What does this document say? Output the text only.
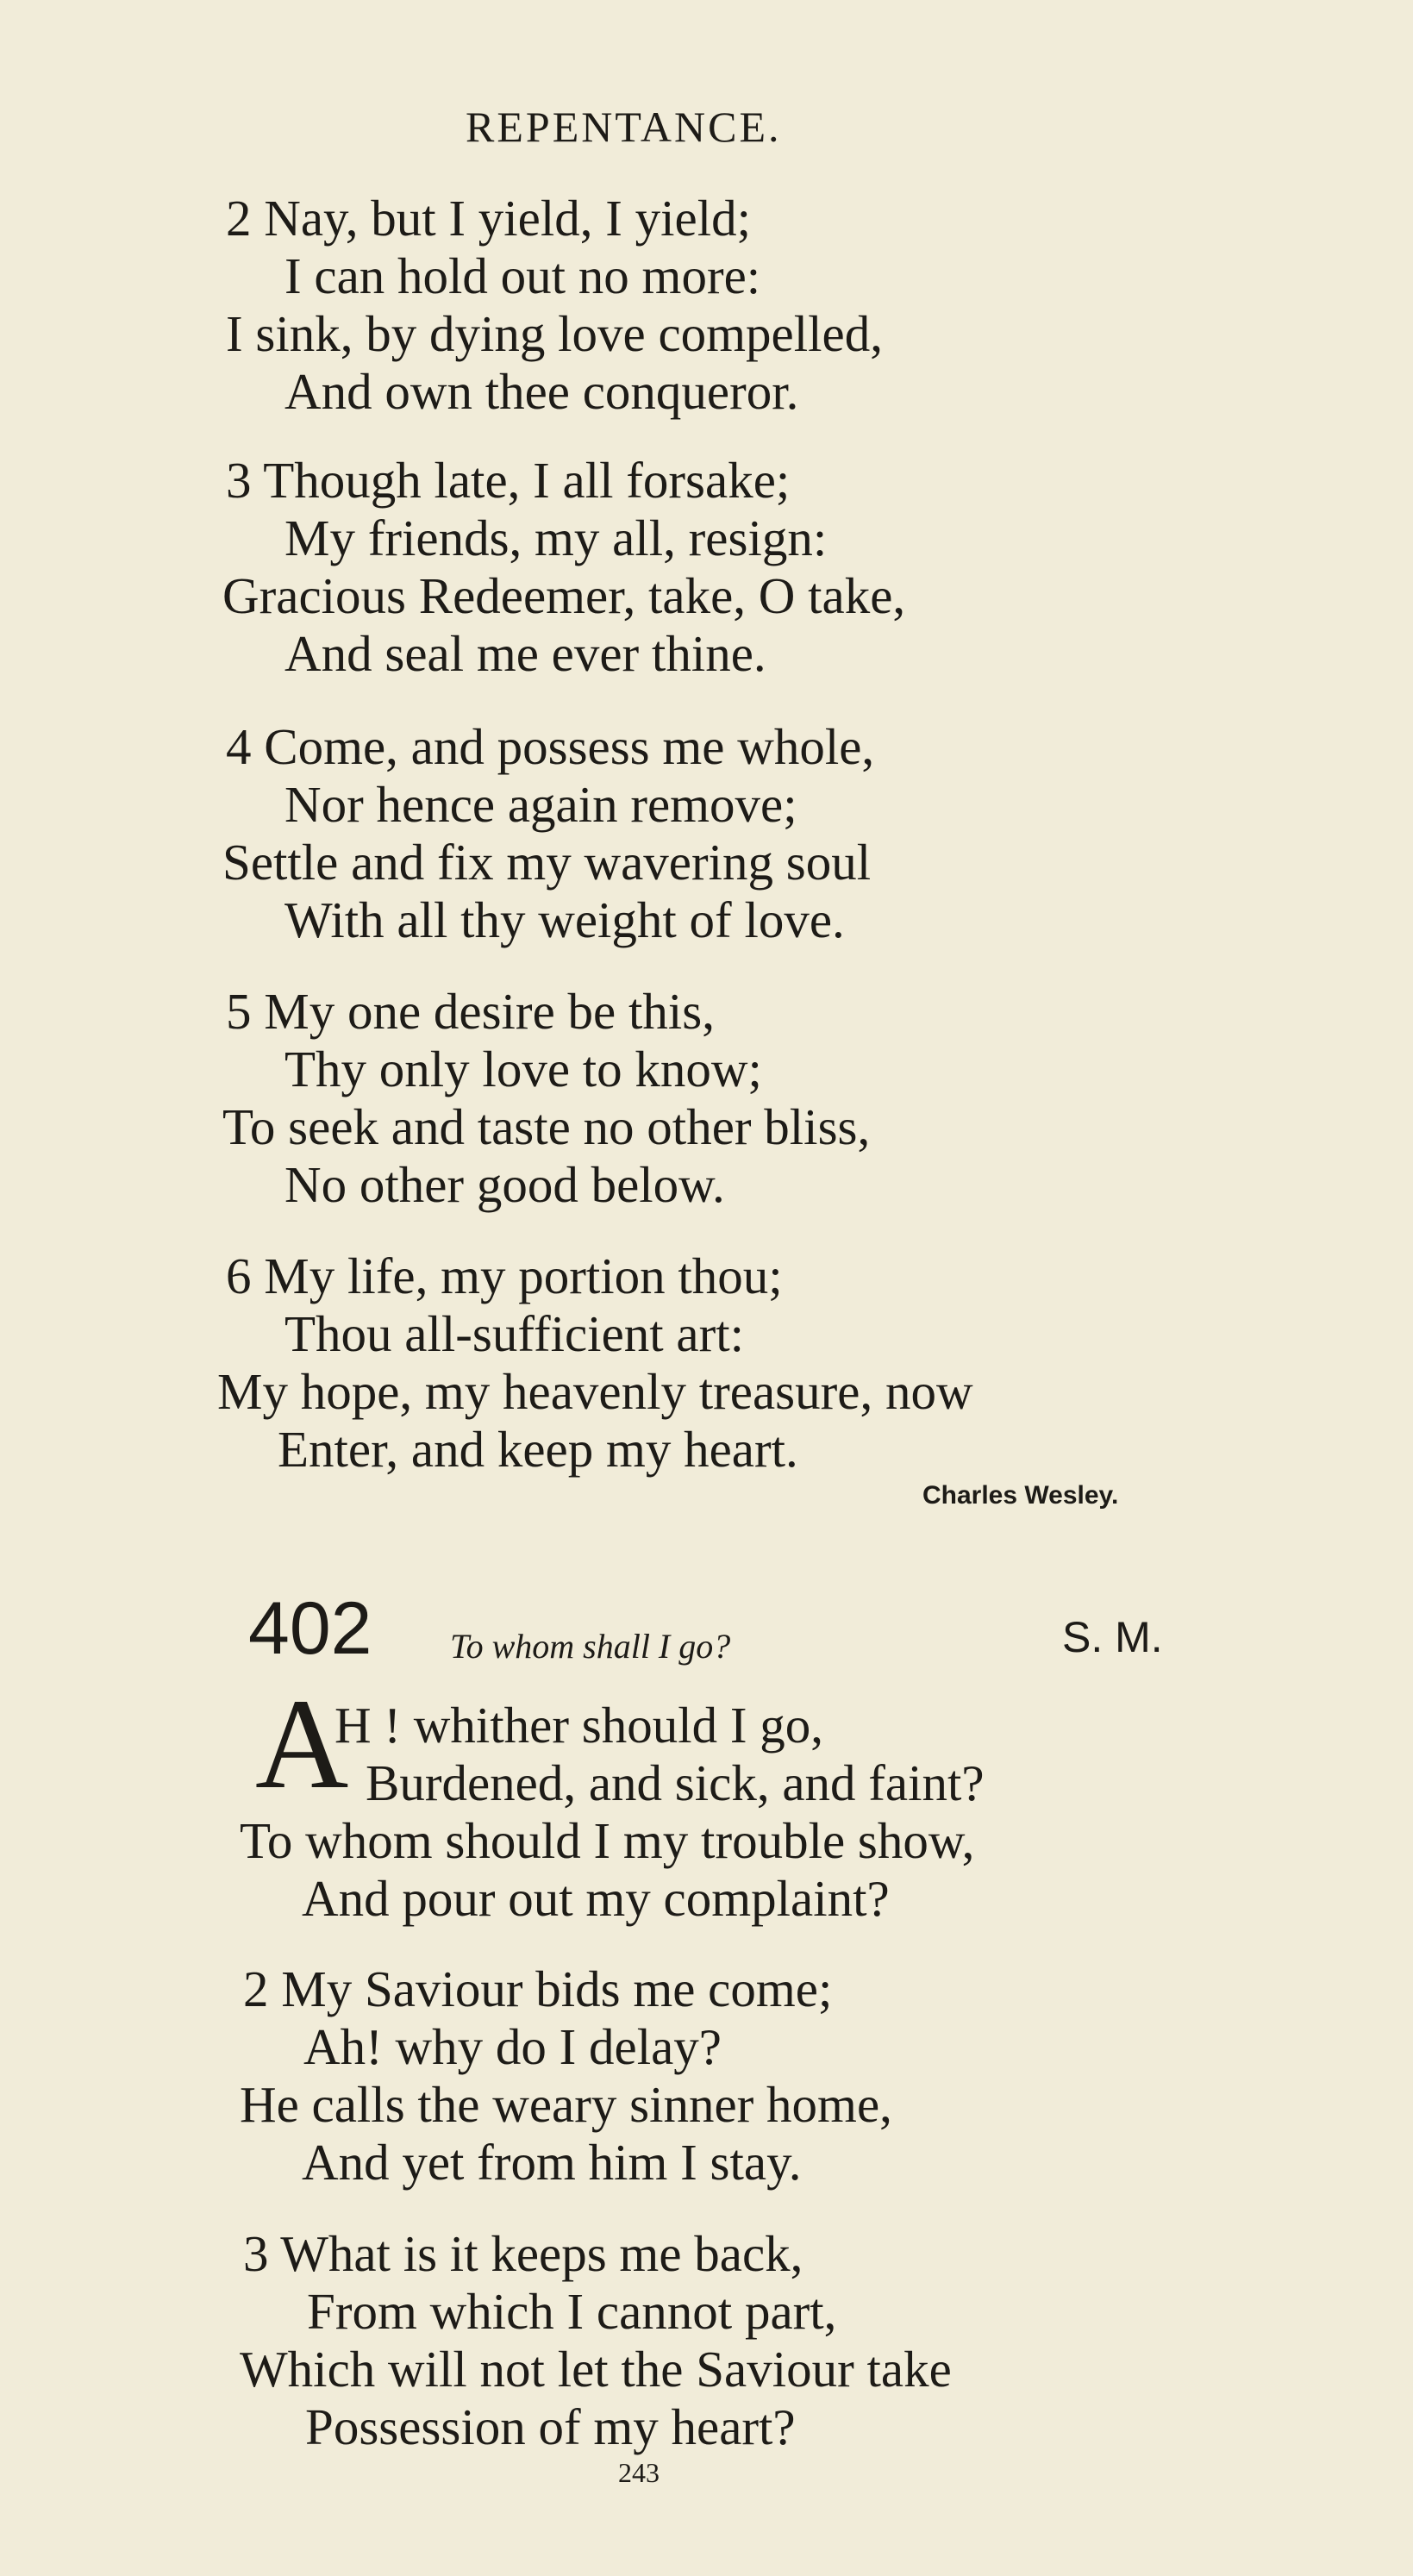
REPENTANCE.
2 Nay, but I yield, I yield;
I can hold out no more:
I sink, by dying love compelled,
And own thee conqueror.
3 Though late, I all forsake;
My friends, my all, resign:
Gracious Redeemer, take, O take,
And seal me ever thine.
4 Come, and possess me whole,
Nor hence again remove;
Settle and fix my wavering soul
With all thy weight of love.
5 My one desire be this,
Thy only love to know;
To seek and taste no other bliss,
No other good below.
6 My life, my portion thou;
Thou all-sufficient art:
My hope, my heavenly treasure, now
Enter, and keep my heart.
Charles Wesley.
402 To whom shall I go?	S. M.
A
H ! whither should I go,
Burdened, and sick, and faint?
To whom should I my trouble show,
And pour out my complaint?
2 My Saviour bids me come;
Ah! why do I delay?
He calls the weary sinner home,
And yet from him I stay.
3 What is it keeps me back,
From which I cannot part,
Which will not let the Saviour take
Possession of my heart?
243
